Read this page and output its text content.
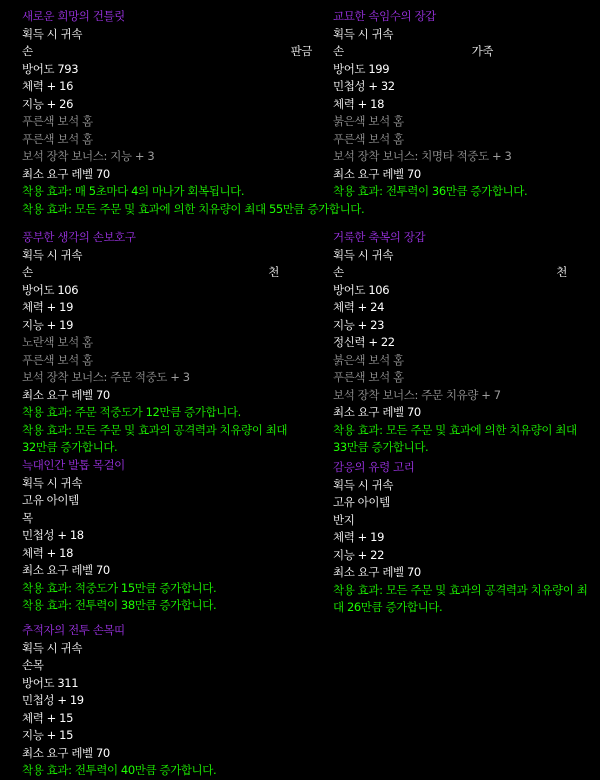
새로운 희망의 건틀릿
획득 시 귀속
손	판금
방어도 793
체력 + 16
지능 + 26
푸른색 보석 홈
푸른색 보석 홈
보석 장착 보너스: 지능 + 3
최소 요구 레벨 70
착용 효과: 매 5초마다 4의 마나가 회복됩니다.
착용 효과: 모든 주문 및 효과에 의한 치유량이 최대 55만큼 증가합니다.
교묘한 속임수의 장갑
획득 시 귀속
손	가죽
방어도 199
민첩성 + 32
체력 + 18
붉은색 보석 홈
푸른색 보석 홈
보석 장착 보너스: 치명타 적중도 + 3
최소 요구 레벨 70
착용 효과: 전투력이 36만큼 증가합니다.
풍부한 생각의 손보호구
획득 시 귀속
손	천
방어도 106
체력 + 19
지능 + 19
노란색 보석 홈
푸른색 보석 홈
보석 장착 보너스: 주문 적중도 + 3
최소 요구 레벨 70
착용 효과: 주문 적중도가 12만큼 증가합니다.
착용 효과: 모든 주문 및 효과의 공격력과 치유량이 최대 32만큼 증가합니다.
거룩한 축복의 장갑
획득 시 귀속
손	천
방어도 106
체력 + 24
지능 + 23
정신력 + 22
붉은색 보석 홈
푸른색 보석 홈
보석 장착 보너스: 주문 치유량 + 7
최소 요구 레벨 70
착용 효과: 모든 주문 및 효과에 의한 치유량이 최대 33만큼 증가합니다.
늑대인간 발톱 목걸이
획득 시 귀속
고유 아이템
목
민첩성 + 18
체력 + 18
최소 요구 레벨 70
착용 효과: 적중도가 15만큼 증가합니다.
착용 효과: 전투력이 38만큼 증가합니다.
감응의 유령 고리
획득 시 귀속
고유 아이템
반지
체력 + 19
지능 + 22
최소 요구 레벨 70
착용 효과: 모든 주문 및 효과의 공격력과 치유량이 최대 26만큼 증가합니다.
추적자의 전투 손목띠
획득 시 귀속
손목
방어도 311
민첩성 + 19
체력 + 15
지능 + 15
최소 요구 레벨 70
착용 효과: 전투력이 40만큼 증가합니다.
